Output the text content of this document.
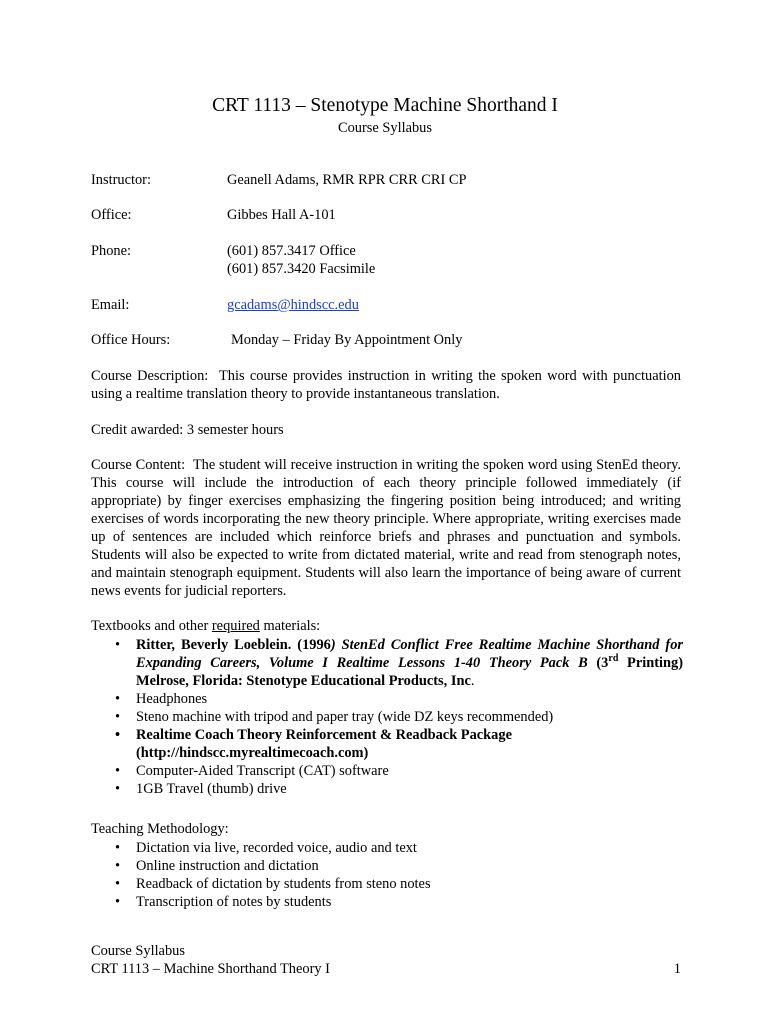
CRT 1113 – Stenotype Machine Shorthand I
Course Syllabus
Instructor:	Geanell Adams, RMR RPR CRR CRI CP
Office:	Gibbes Hall A-101
Phone:	(601) 857.3417 Office
(601) 857.3420 Facsimile
Email:	gcadams@hindscc.edu
Office Hours:	Monday – Friday By Appointment Only

Course Description: This course provides instruction in writing the spoken word with punctuation using a realtime translation theory to provide instantaneous translation.

Credit awarded: 3 semester hours

Course Content: The student will receive instruction in writing the spoken word using StenEd theory. This course will include the introduction of each theory principle followed immediately (if appropriate) by finger exercises emphasizing the fingering position being introduced; and writing exercises of words incorporating the new theory principle. Where appropriate, writing exercises made up of sentences are included which reinforce briefs and phrases and punctuation and symbols. Students will also be expected to write from dictated material, write and read from stenograph notes, and maintain stenograph equipment. Students will also learn the importance of being aware of current news events for judicial reporters.

Textbooks and other required materials:

• Ritter, Beverly Loeblein. (1996) StenEd Conflict Free Realtime Machine Shorthand for Expanding Careers, Volume I Realtime Lessons 1-40 Theory Pack B (3rd Printing) Melrose, Florida: Stenotype Educational Products, Inc.
• Headphones
• Steno machine with tripod and paper tray (wide DZ keys recommended)
• Realtime Coach Theory Reinforcement & Readback Package (http://hindscc.myrealtimecoach.com)
• Computer-Aided Transcript (CAT) software
• 1GB Travel (thumb) drive

Teaching Methodology:

• Dictation via live, recorded voice, audio and text
• Online instruction and dictation
• Readback of dictation by students from steno notes
• Transcription of notes by students
Course Syllabus
CRT 1113 – Machine Shorthand Theory I	1
